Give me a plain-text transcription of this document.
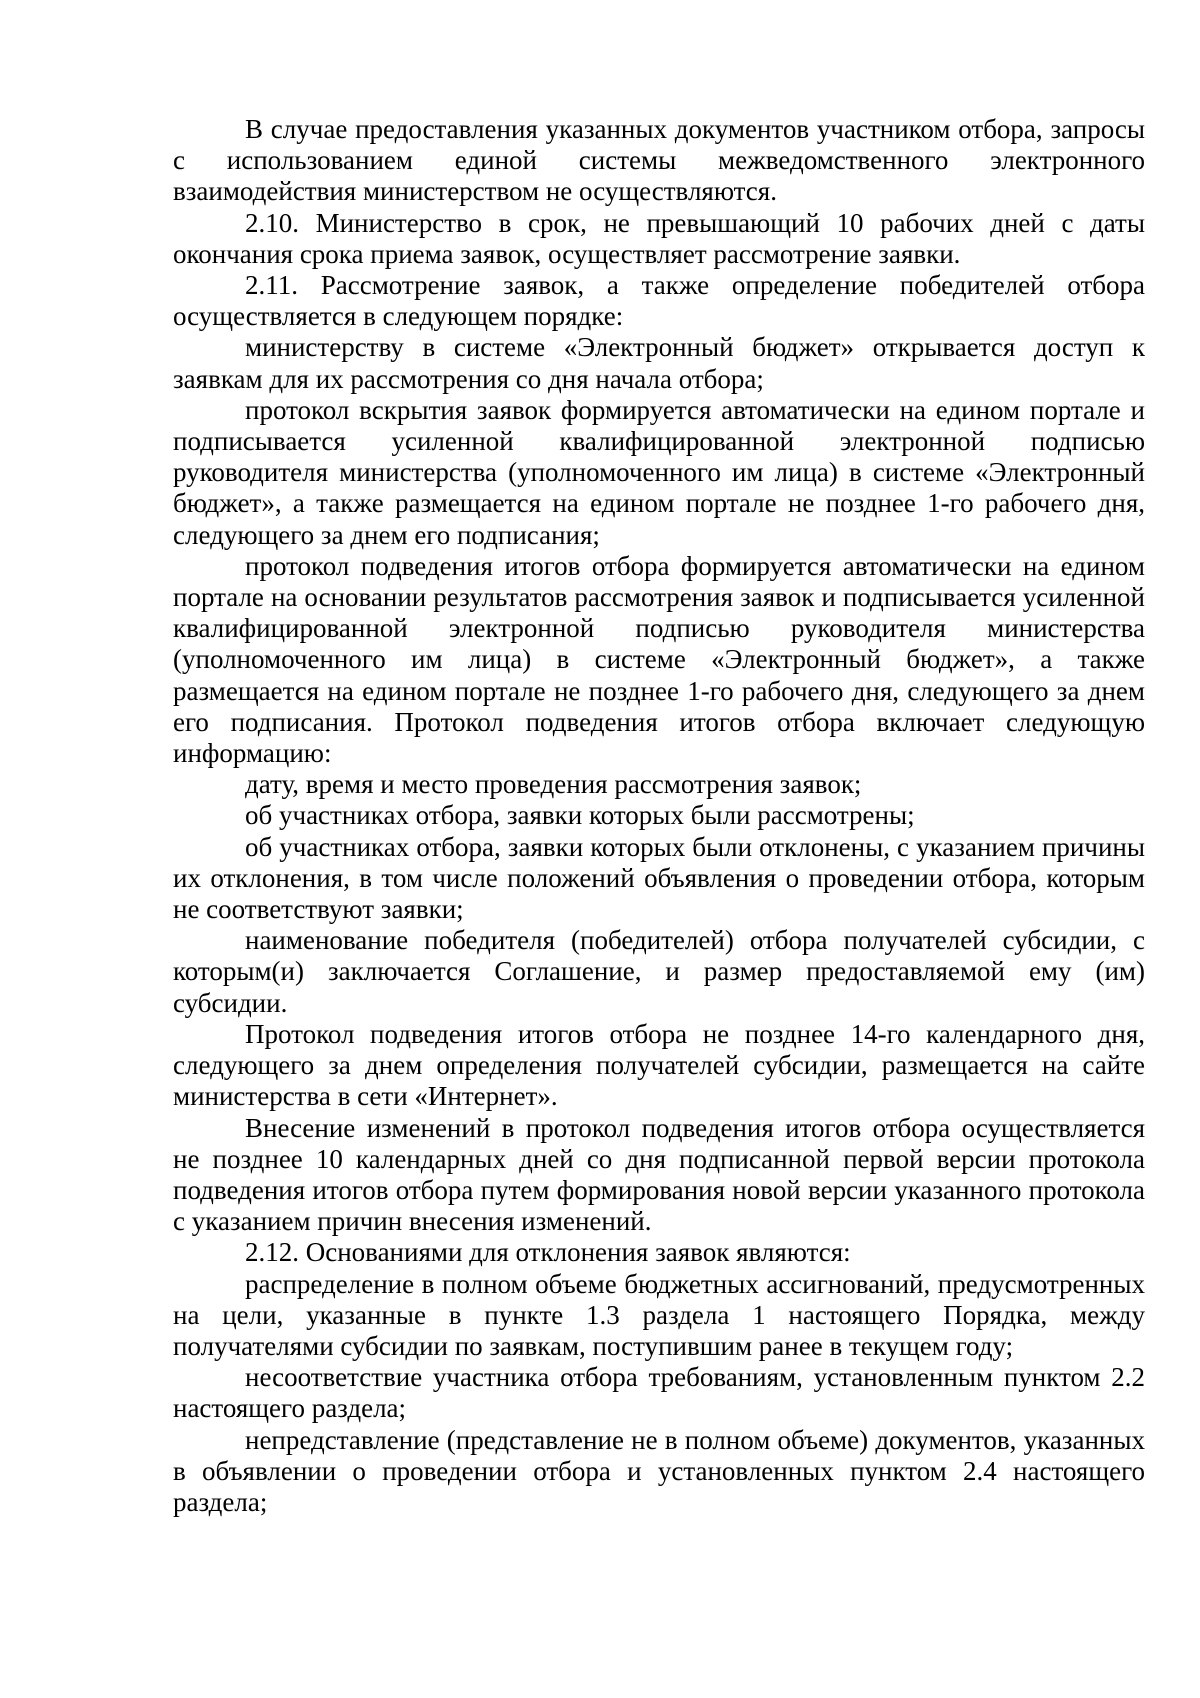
В случае предоставления указанных документов участником отбора, запросы с использованием единой системы межведомственного электронного взаимодействия министерством не осуществляются.

2.10. Министерство в срок, не превышающий 10 рабочих дней с даты окончания срока приема заявок, осуществляет рассмотрение заявки.

2.11. Рассмотрение заявок, а также определение победителей отбора осуществляется в следующем порядке:

министерству в системе «Электронный бюджет» открывается доступ к заявкам для их рассмотрения со дня начала отбора;

протокол вскрытия заявок формируется автоматически на едином портале и подписывается усиленной квалифицированной электронной подписью руководителя министерства (уполномоченного им лица) в системе «Электронный бюджет», а также размещается на едином портале не позднее 1-го рабочего дня, следующего за днем его подписания;

протокол подведения итогов отбора формируется автоматически на едином портале на основании результатов рассмотрения заявок и подписывается усиленной квалифицированной электронной подписью руководителя министерства (уполномоченного им лица) в системе «Электронный бюджет», а также размещается на едином портале не позднее 1-го рабочего дня, следующего за днем его подписания. Протокол подведения итогов отбора включает следующую информацию:

дату, время и место проведения рассмотрения заявок;

об участниках отбора, заявки которых были рассмотрены;

об участниках отбора, заявки которых были отклонены, с указанием причины их отклонения, в том числе положений объявления о проведении отбора, которым не соответствуют заявки;

наименование победителя (победителей) отбора получателей субсидии, с которым(и) заключается Соглашение, и размер предоставляемой ему (им) субсидии.

Протокол подведения итогов отбора не позднее 14-го календарного дня, следующего за днем определения получателей субсидии, размещается на сайте министерства в сети «Интернет».

Внесение изменений в протокол подведения итогов отбора осуществляется не позднее 10 календарных дней со дня подписанной первой версии протокола подведения итогов отбора путем формирования новой версии указанного протокола с указанием причин внесения изменений.

2.12. Основаниями для отклонения заявок являются:

распределение в полном объеме бюджетных ассигнований, предусмотренных на цели, указанные в пункте 1.3 раздела 1 настоящего Порядка, между получателями субсидии по заявкам, поступившим ранее в текущем году;

несоответствие участника отбора требованиям, установленным пунктом 2.2 настоящего раздела;

непредставление (представление не в полном объеме) документов, указанных в объявлении о проведении отбора и установленных пунктом 2.4 настоящего раздела;
